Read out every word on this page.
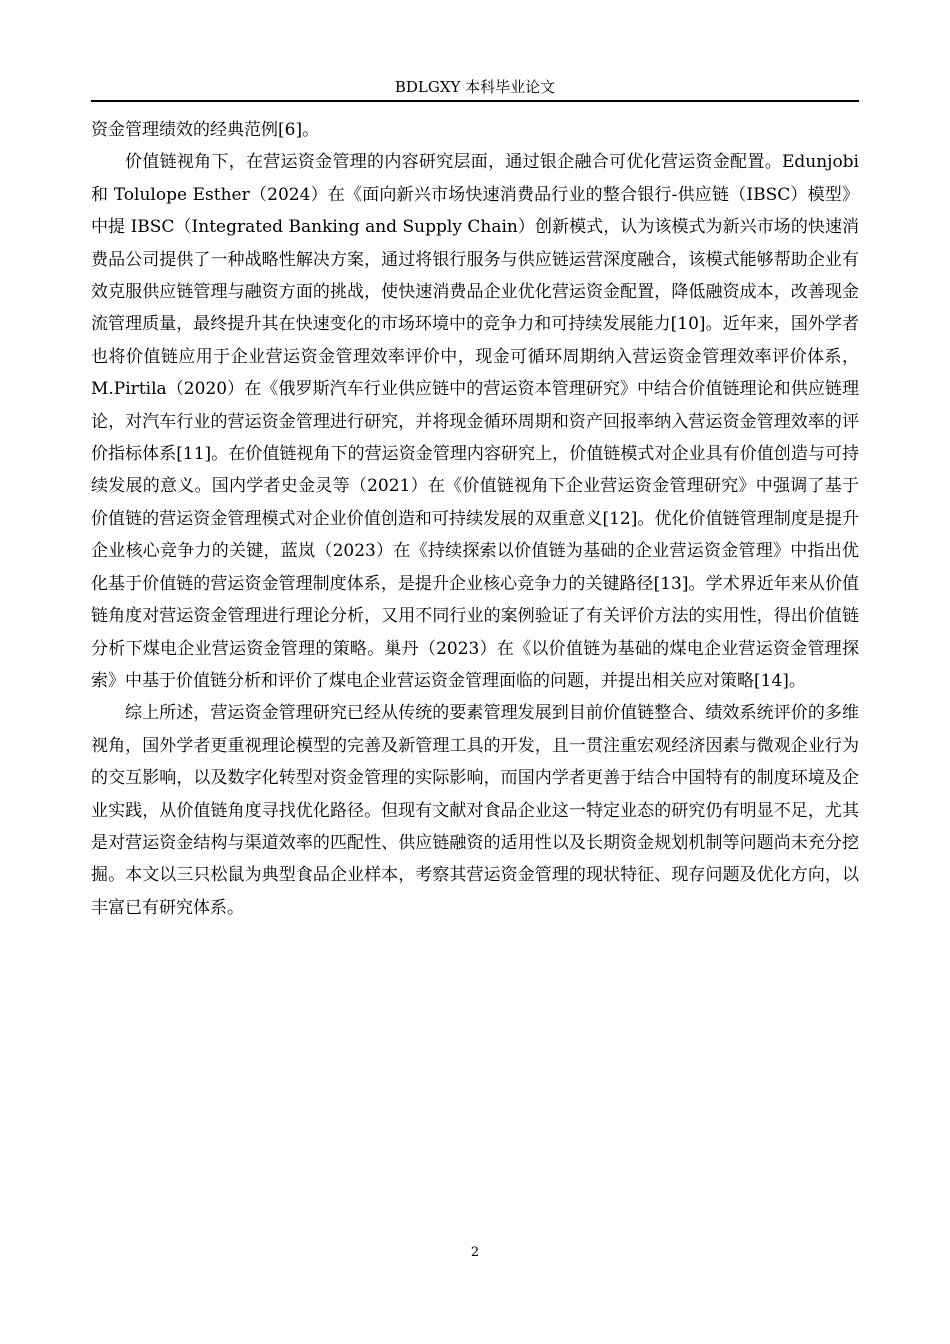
BDLGXY 本科毕业论文

资金管理绩效的经典范例[6]。

价值链视角下，在营运资金管理的内容研究层面，通过银企融合可优化营运资金配置。Edunjobi 和 Tolulope Esther（2024）在《面向新兴市场快速消费品行业的整合银行-供应链（IBSC）模型》中提 IBSC（Integrated Banking and Supply Chain）创新模式，认为该模式为新兴市场的快速消费品公司提供了一种战略性解决方案，通过将银行服务与供应链运营深度融合，该模式能够帮助企业有效克服供应链管理与融资方面的挑战，使快速消费品企业优化营运资金配置，降低融资成本，改善现金流管理质量，最终提升其在快速变化的市场环境中的竞争力和可持续发展能力[10]。近年来，国外学者也将价值链应用于企业营运资金管理效率评价中，现金可循环周期纳入营运资金管理效率评价体系，M.Pirtila（2020）在《俄罗斯汽车行业供应链中的营运资本管理研究》中结合价值链理论和供应链理论，对汽车行业的营运资金管理进行研究，并将现金循环周期和资产回报率纳入营运资金管理效率的评价指标体系[11]。在价值链视角下的营运资金管理内容研究上，价值链模式对企业具有价值创造与可持续发展的意义。国内学者史金灵等（2021）在《价值链视角下企业营运资金管理研究》中强调了基于价值链的营运资金管理模式对企业价值创造和可持续发展的双重意义[12]。优化价值链管理制度是提升企业核心竞争力的关键，蓝岚（2023）在《持续探索以价值链为基础的企业营运资金管理》中指出优化基于价值链的营运资金管理制度体系，是提升企业核心竞争力的关键路径[13]。学术界近年来从价值链角度对营运资金管理进行理论分析，又用不同行业的案例验证了有关评价方法的实用性，得出价值链分析下煤电企业营运资金管理的策略。巢丹（2023）在《以价值链为基础的煤电企业营运资金管理探索》中基于价值链分析和评价了煤电企业营运资金管理面临的问题，并提出相关应对策略[14]。

综上所述，营运资金管理研究已经从传统的要素管理发展到目前价值链整合、绩效系统评价的多维视角，国外学者更重视理论模型的完善及新管理工具的开发，且一贯注重宏观经济因素与微观企业行为的交互影响，以及数字化转型对资金管理的实际影响，而国内学者更善于结合中国特有的制度环境及企业实践，从价值链角度寻找优化路径。但现有文献对食品企业这一特定业态的研究仍有明显不足，尤其是对营运资金结构与渠道效率的匹配性、供应链融资的适用性以及长期资金规划机制等问题尚未充分挖掘。本文以三只松鼠为典型食品企业样本，考察其营运资金管理的现状特征、现存问题及优化方向，以丰富已有研究体系。

2
